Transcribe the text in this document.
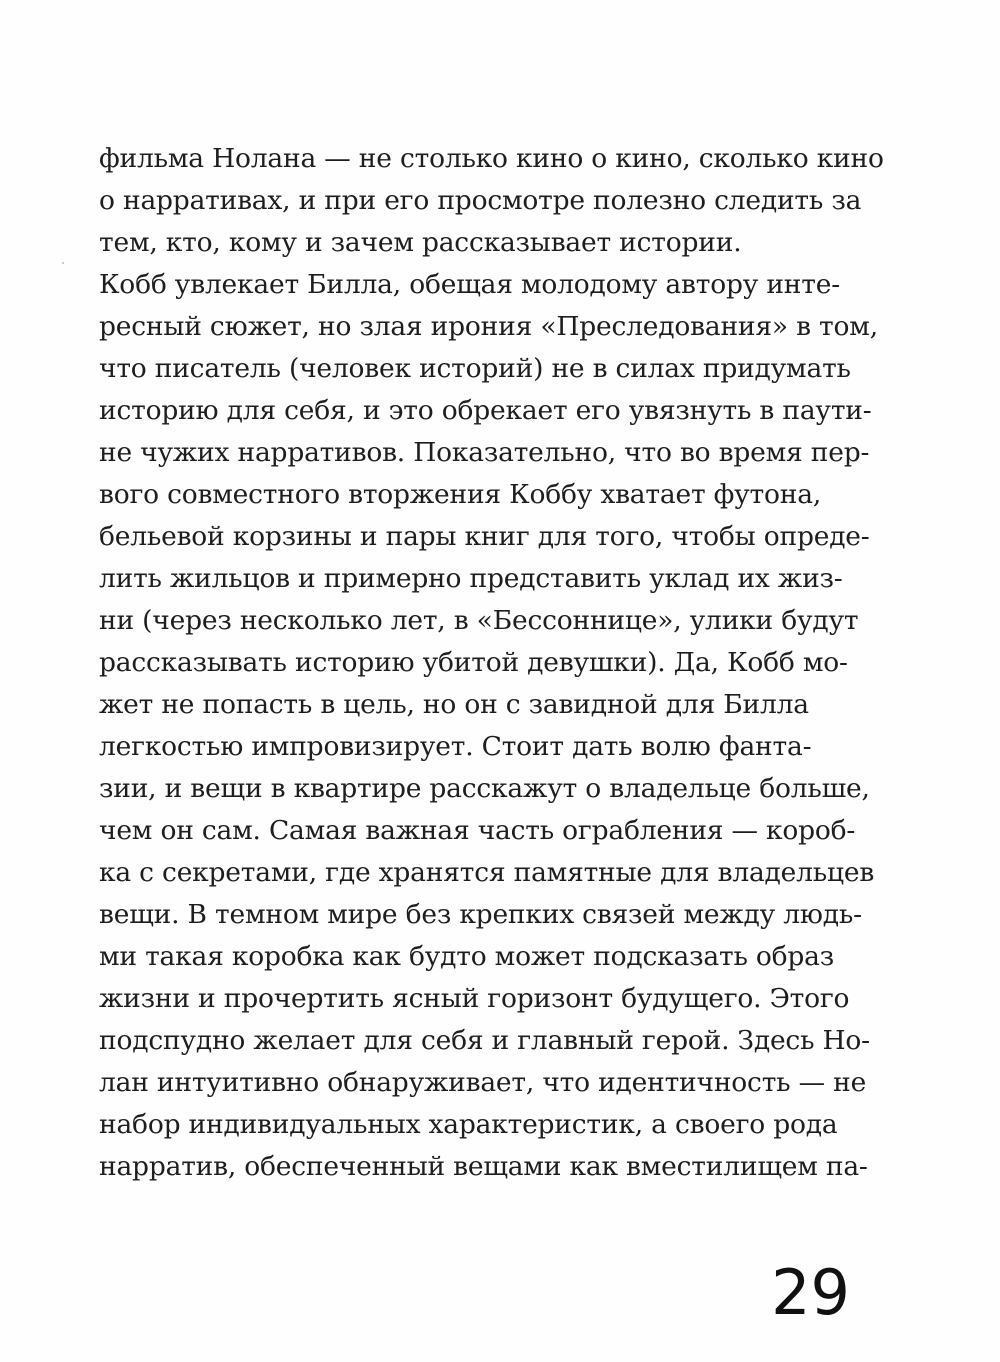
фильма Нолана — не столько кино о кино, сколько кино
о нарративах, и при его просмотре полезно следить за
тем, кто, кому и зачем рассказывает истории.
Кобб увлекает Билла, обещая молодому автору инте-
ресный сюжет, но злая ирония «Преследования» в том,
что писатель (человек историй) не в силах придумать
историю для себя, и это обрекает его увязнуть в паути-
не чужих нарративов. Показательно, что во время пер-
вого совместного вторжения Коббу хватает футона,
бельевой корзины и пары книг для того, чтобы опреде-
лить жильцов и примерно представить уклад их жиз-
ни (через несколько лет, в «Бессоннице», улики будут
рассказывать историю убитой девушки). Да, Кобб мо-
жет не попасть в цель, но он с завидной для Билла
легкостью импровизирует. Стоит дать волю фанта-
зии, и вещи в квартире расскажут о владельце больше,
чем он сам. Самая важная часть ограбления — короб-
ка с секретами, где хранятся памятные для владельцев
вещи. В темном мире без крепких связей между людь-
ми такая коробка как будто может подсказать образ
жизни и прочертить ясный горизонт будущего. Этого
подспудно желает для себя и главный герой. Здесь Но-
лан интуитивно обнаруживает, что идентичность — не
набор индивидуальных характеристик, а своего рода
нарратив, обеспеченный вещами как вместилищем па-
29
